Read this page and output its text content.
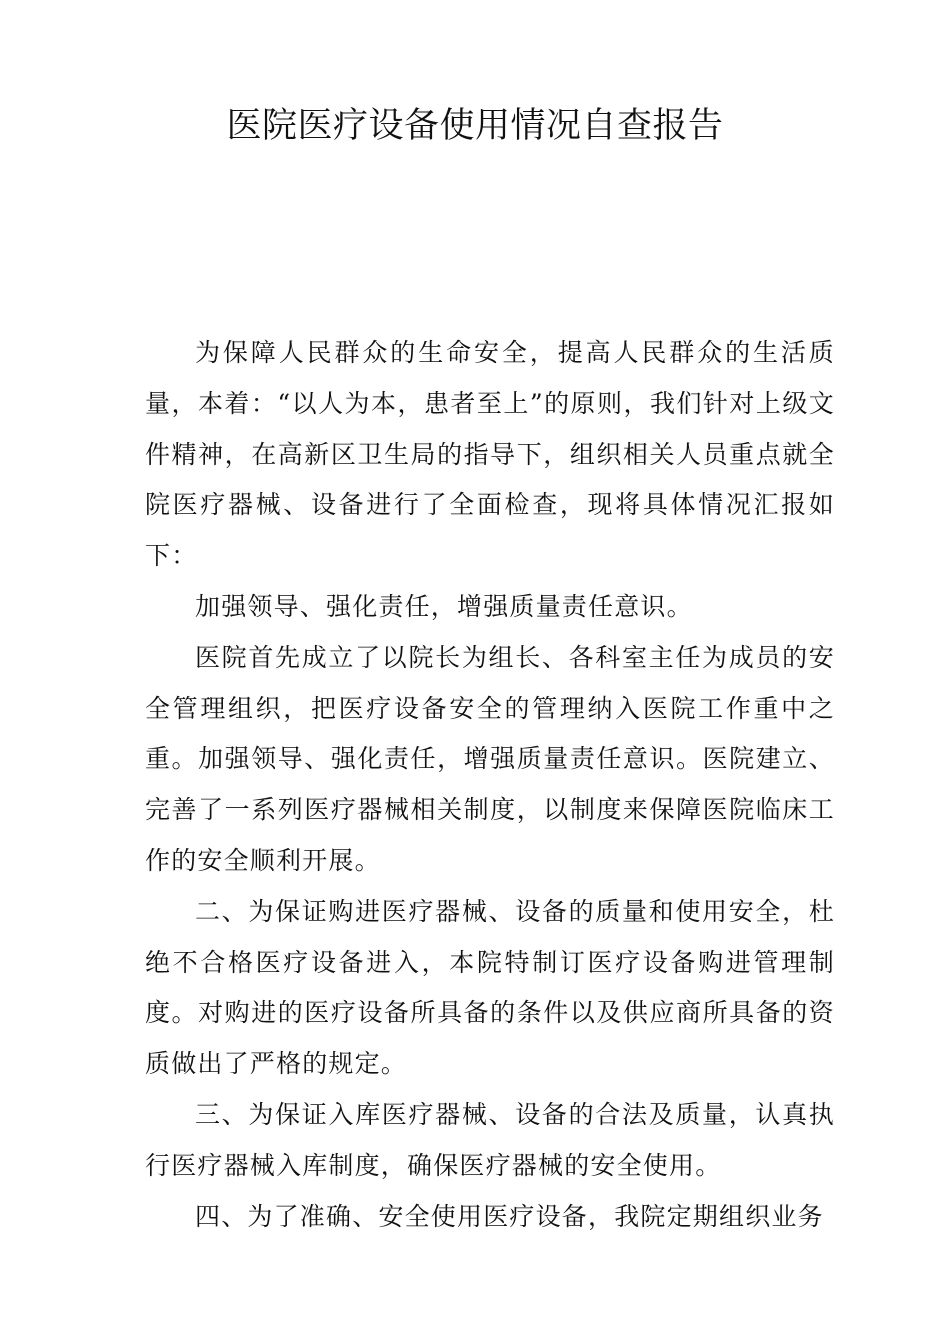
医院医疗设备使用情况自查报告

为保障人民群众的生命安全，提高人民群众的生活质量，本着：“以人为本，患者至上”的原则，我们针对上级文件精神，在高新区卫生局的指导下，组织相关人员重点就全院医疗器械、设备进行了全面检查，现将具体情况汇报如下：

加强领导、强化责任，增强质量责任意识。

医院首先成立了以院长为组长、各科室主任为成员的安全管理组织，把医疗设备安全的管理纳入医院工作重中之重。加强领导、强化责任，增强质量责任意识。医院建立、完善了一系列医疗器械相关制度，以制度来保障医院临床工作的安全顺利开展。

二、为保证购进医疗器械、设备的质量和使用安全，杜绝不合格医疗设备进入，本院特制订医疗设备购进管理制度。对购进的医疗设备所具备的条件以及供应商所具备的资质做出了严格的规定。

三、为保证入库医疗器械、设备的合法及质量，认真执行医疗器械入库制度，确保医疗器械的安全使用。

四、为了准确、安全使用医疗设备，我院定期组织业务
